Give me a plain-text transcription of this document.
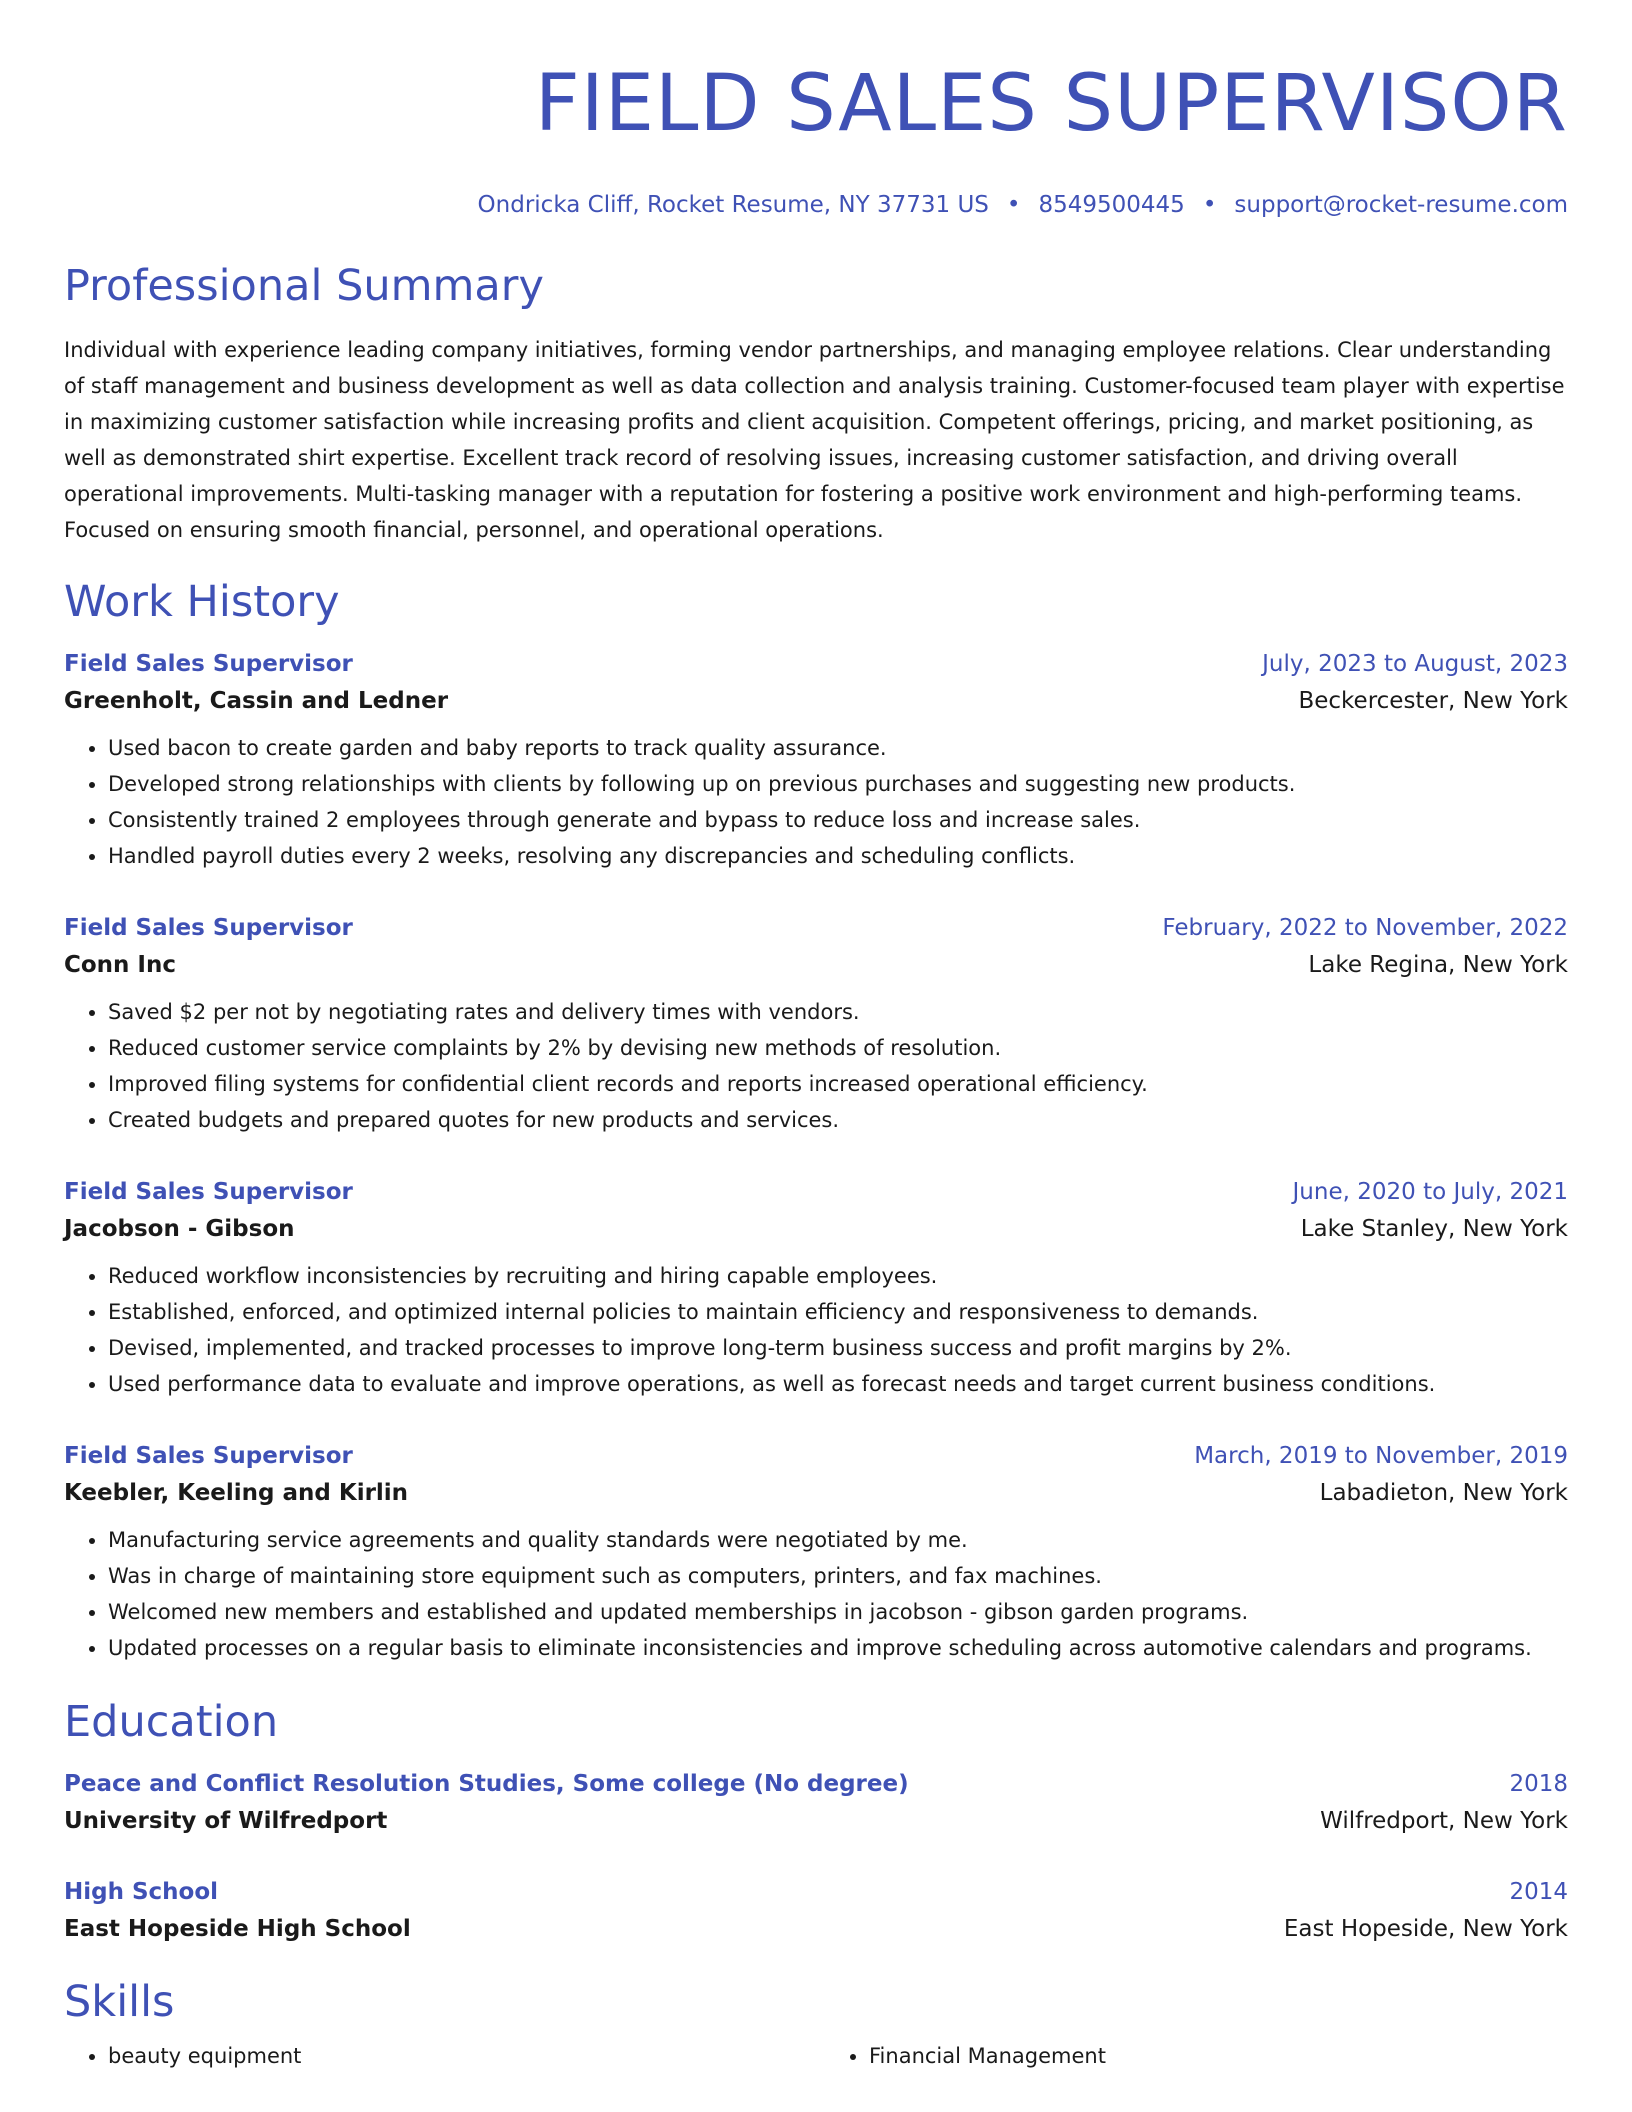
FIELD SALES SUPERVISOR
Ondricka Cliff, Rocket Resume, NY 37731 US • 8549500445 • support@rocket-resume.com
Professional Summary
Individual with experience leading company initiatives, forming vendor partnerships, and managing employee relations. Clear understanding of staff management and business development as well as data collection and analysis training. Customer-focused team player with expertise in maximizing customer satisfaction while increasing profits and client acquisition. Competent offerings, pricing, and market positioning, as well as demonstrated shirt expertise. Excellent track record of resolving issues, increasing customer satisfaction, and driving overall operational improvements. Multi-tasking manager with a reputation for fostering a positive work environment and high-performing teams. Focused on ensuring smooth financial, personnel, and operational operations.
Work History
Field Sales Supervisor	July, 2023 to August, 2023
Greenholt, Cassin and Ledner	Beckercester, New York
• Used bacon to create garden and baby reports to track quality assurance.
• Developed strong relationships with clients by following up on previous purchases and suggesting new products.
• Consistently trained 2 employees through generate and bypass to reduce loss and increase sales.
• Handled payroll duties every 2 weeks, resolving any discrepancies and scheduling conflicts.
Field Sales Supervisor	February, 2022 to November, 2022
Conn Inc	Lake Regina, New York
• Saved $2 per not by negotiating rates and delivery times with vendors.
• Reduced customer service complaints by 2% by devising new methods of resolution.
• Improved filing systems for confidential client records and reports increased operational efficiency.
• Created budgets and prepared quotes for new products and services.
Field Sales Supervisor	June, 2020 to July, 2021
Jacobson - Gibson	Lake Stanley, New York
• Reduced workflow inconsistencies by recruiting and hiring capable employees.
• Established, enforced, and optimized internal policies to maintain efficiency and responsiveness to demands.
• Devised, implemented, and tracked processes to improve long-term business success and profit margins by 2%.
• Used performance data to evaluate and improve operations, as well as forecast needs and target current business conditions.
Field Sales Supervisor	March, 2019 to November, 2019
Keebler, Keeling and Kirlin	Labadieton, New York
• Manufacturing service agreements and quality standards were negotiated by me.
• Was in charge of maintaining store equipment such as computers, printers, and fax machines.
• Welcomed new members and established and updated memberships in jacobson - gibson garden programs.
• Updated processes on a regular basis to eliminate inconsistencies and improve scheduling across automotive calendars and programs.
Education
Peace and Conflict Resolution Studies, Some college (No degree)	2018
University of Wilfredport	Wilfredport, New York
High School	2014
East Hopeside High School	East Hopeside, New York
Skills
• beauty equipment
•	Financial Management
